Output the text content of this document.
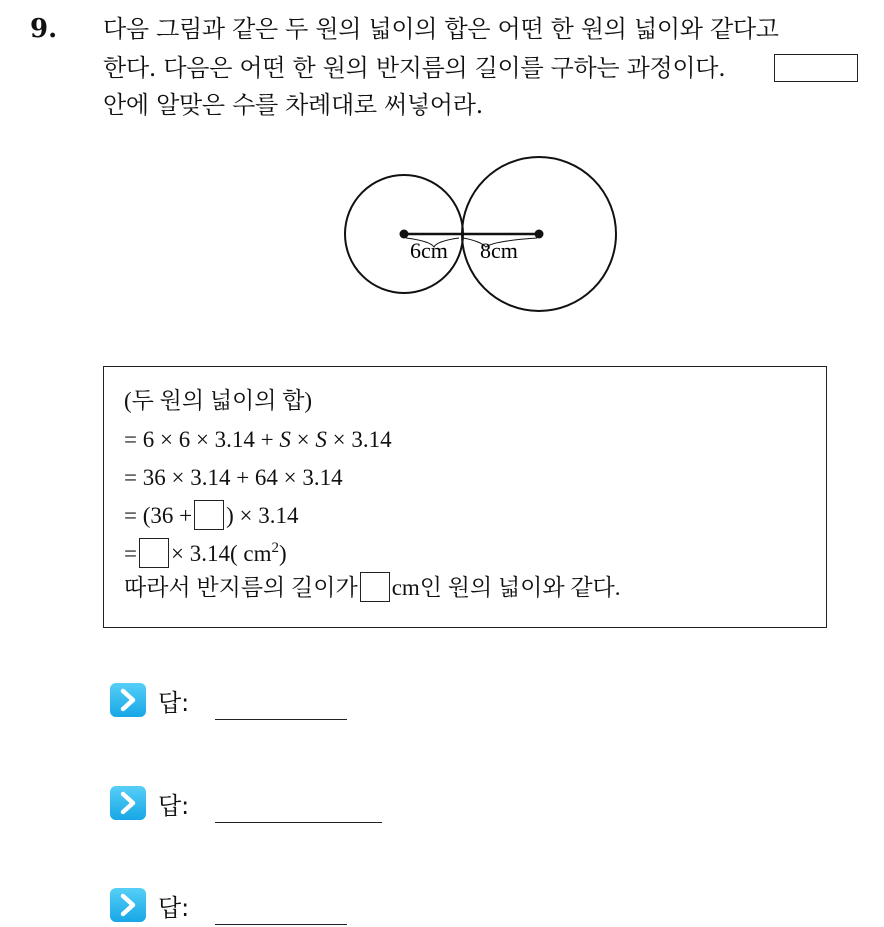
9. 다음 그림과 같은 두 원의 넓이의 합은 어떤 한 원의 넓이와 같다고
한다. 다음은 어떤 한 원의 반지름의 길이를 구하는 과정이다.
안에 알맞은 수를 차례대로 써넣어라.
6cm 8cm
(두 원의 넓이의 합)
= 6 × 6 × 3.14 + S × S × 3.14
= 36 × 3.14 + 64 × 3.14
= (36 + ) × 3.14
= × 3.14( $cm^2$)
따라서 반지름의 길이가 cm인 원의 넓이와 같다.
답:
답:
답:
